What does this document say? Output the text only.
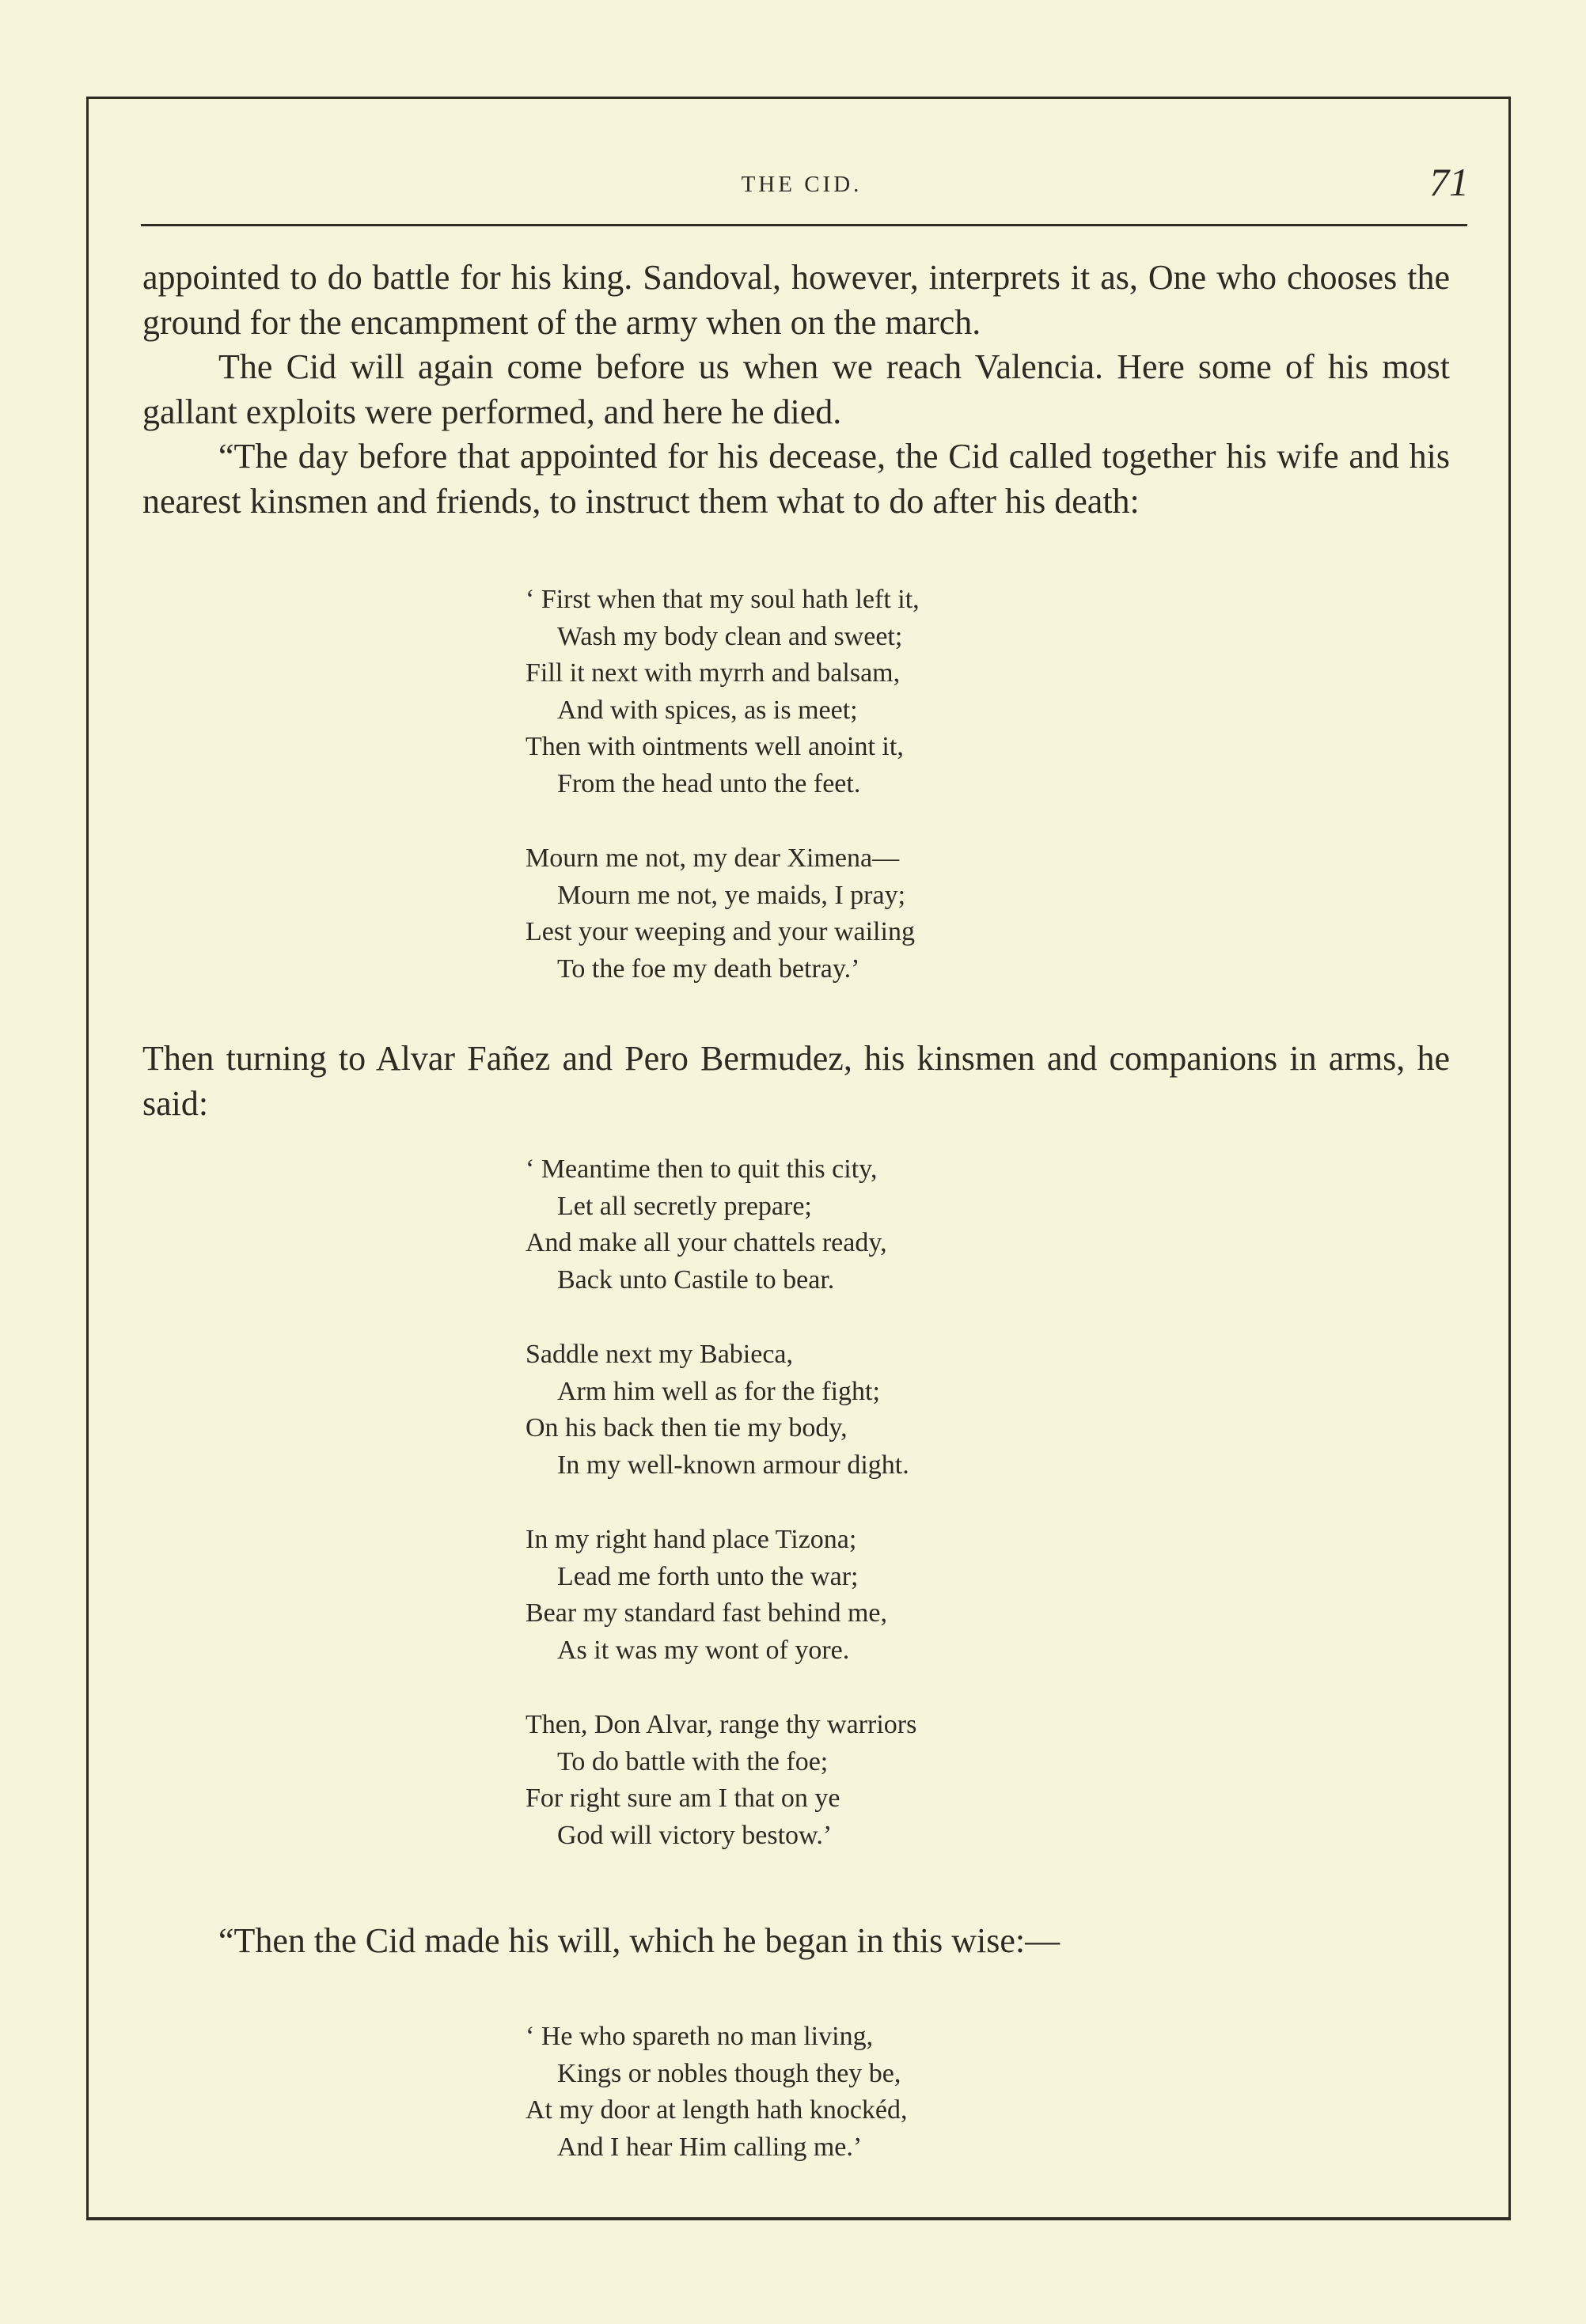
THE CID.	71

appointed to do battle for his king. Sandoval, however, interprets it as, One who chooses the ground for the encampment of the army when on the march.

The Cid will again come before us when we reach Valencia. Here some of his most gallant exploits were performed, and here he died.

“The day before that appointed for his decease, the Cid called together his wife and his nearest kinsmen and friends, to instruct them what to do after his death:

‘ First when that my soul hath left it,
Wash my body clean and sweet;
Fill it next with myrrh and balsam,
And with spices, as is meet;
Then with ointments well anoint it,
From the head unto the feet.
Mourn me not, my dear Ximena—
Mourn me not, ye maids, I pray;
Lest your weeping and your wailing
To the foe my death betray.’

Then turning to Alvar Fañez and Pero Bermudez, his kinsmen and companions in arms, he said:

‘ Meantime then to quit this city,
Let all secretly prepare;
And make all your chattels ready,
Back unto Castile to bear.
Saddle next my Babieca,
Arm him well as for the fight;
On his back then tie my body,
In my well-known armour dight.
In my right hand place Tizona;
Lead me forth unto the war;
Bear my standard fast behind me,
As it was my wont of yore.
Then, Don Alvar, range thy warriors
To do battle with the foe;
For right sure am I that on ye
God will victory bestow.’

“Then the Cid made his will, which he began in this wise:—

‘ He who spareth no man living,
Kings or nobles though they be,
At my door at length hath knockéd,
And I hear Him calling me.’
